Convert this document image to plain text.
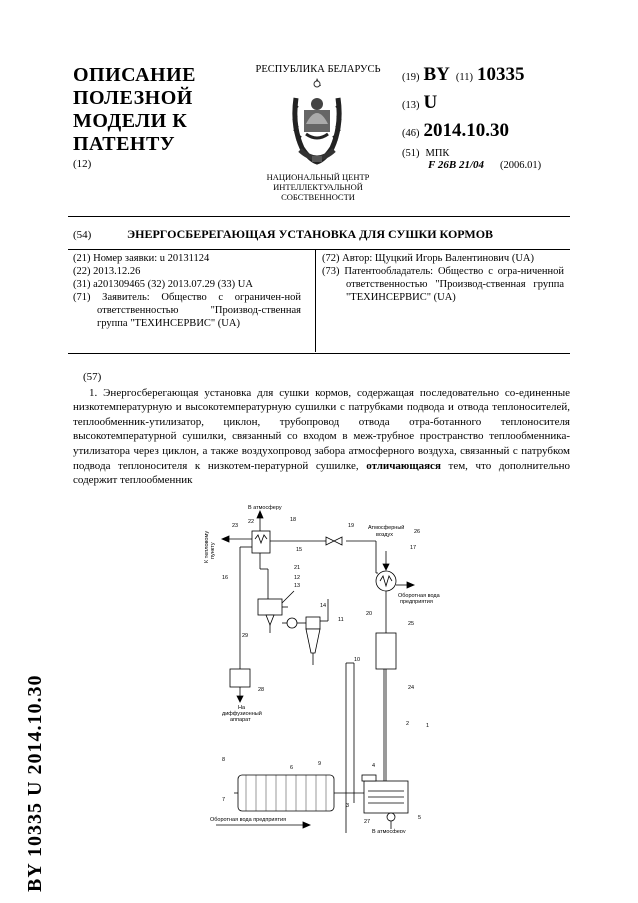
ОПИСАНИЕ
ПОЛЕЗНОЙ
МОДЕЛИ К
ПАТЕНТУ
(12)
РЕСПУБЛИКА БЕЛАРУСЬ
НАЦИОНАЛЬНЫЙ ЦЕНТР
ИНТЕЛЛЕКТУАЛЬНОЙ
СОБСТВЕННОСТИ
(19) BY (11) 10335
(13) U
(46) 2014.10.30
(51) МПК
F 26B 21/04 (2006.01)
(54)	ЭНЕРГОСБЕРЕГАЮЩАЯ УСТАНОВКА ДЛЯ СУШКИ КОРМОВ
(21) Номер заявки: u 20131124
(22) 2013.12.26
(31) a201309465 (32) 2013.07.29 (33) UA
(71) Заявитель: Общество с ограничен-ной ответственностью "Производ-ственная группа "ТЕХИНСЕРВИС" (UA)
(72) Автор: Щуцкий Игорь Валентинович (UA)
(73) Патентообладатель: Общество с огра-ниченной ответственностью "Производ-ственная группа "ТЕХИНСЕРВИС" (UA)
(57)
1. Энергосберегающая установка для сушки кормов, содержащая последовательно со-единенные низкотемпературную и высокотемпературную сушилки с патрубками подвода и отвода теплоносителей, теплообменник-утилизатор, циклон, трубопровод отвода отра-ботанного теплоносителя высокотемпературной сушилки, связанный со входом в меж-трубное пространство теплообменника-утилизатора через циклон, а также воздухопровод забора атмосферного воздуха, связанный с патрубком подвода теплоносителя к низкотем-пературной сушилке, отличающаяся тем, что дополнительно содержит теплообменник
BY 10335 U 2014.10.30
В атмосферу
Атмосферный
воздух
К тепловому пункту
Оборотная вода
предприятия
На
диффузионный
аппарат
Оборотная вода предприятия
В атмосферу
1
2
3
4
5
6
7
8
9
10
11
12
13
14
15
16
17
18
19
20
21
22
23
24
25
26
27
28
29
